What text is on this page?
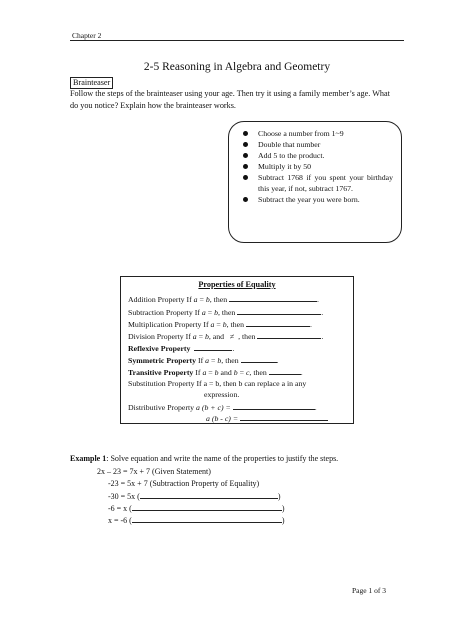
Chapter 2
2-5 Reasoning in Algebra and Geometry
Brainteaser
Follow the steps of the brainteaser using your age. Then try it using a family member’s age. What
do you notice? Explain how the brainteaser works.
Choose a number from 1~9
Double that number
Add 5 to the product.
Multiply it by 50
Subtract 1768 if you spent your birthday this year, if not, subtract 1767.
Subtract the year you were born.
Properties of Equality
Addition Property If a = b, then	.
Subtraction Property If a = b, then	.
Multiplication Property If a = b, then	.
Division Property If a = b, and ≠ , then	.
Reflexive Property	.
Symmetric Property If a = b, then	.
Transitive Property If a = b and b = c, then	.
Substitution Property If a = b, then b can replace a in any
expression.
Distributive Property a (b + c) =	.
a (b - c) =
Example 1: Solve equation and write the name of the properties to justify the steps.
2x – 23 = 7x + 7 (Given Statement)
-23 = 5x + 7 (Subtraction Property of Equality)
-30 = 5x (	)
-6 = x (	)
x = -6 (	)
Page 1 of 3
